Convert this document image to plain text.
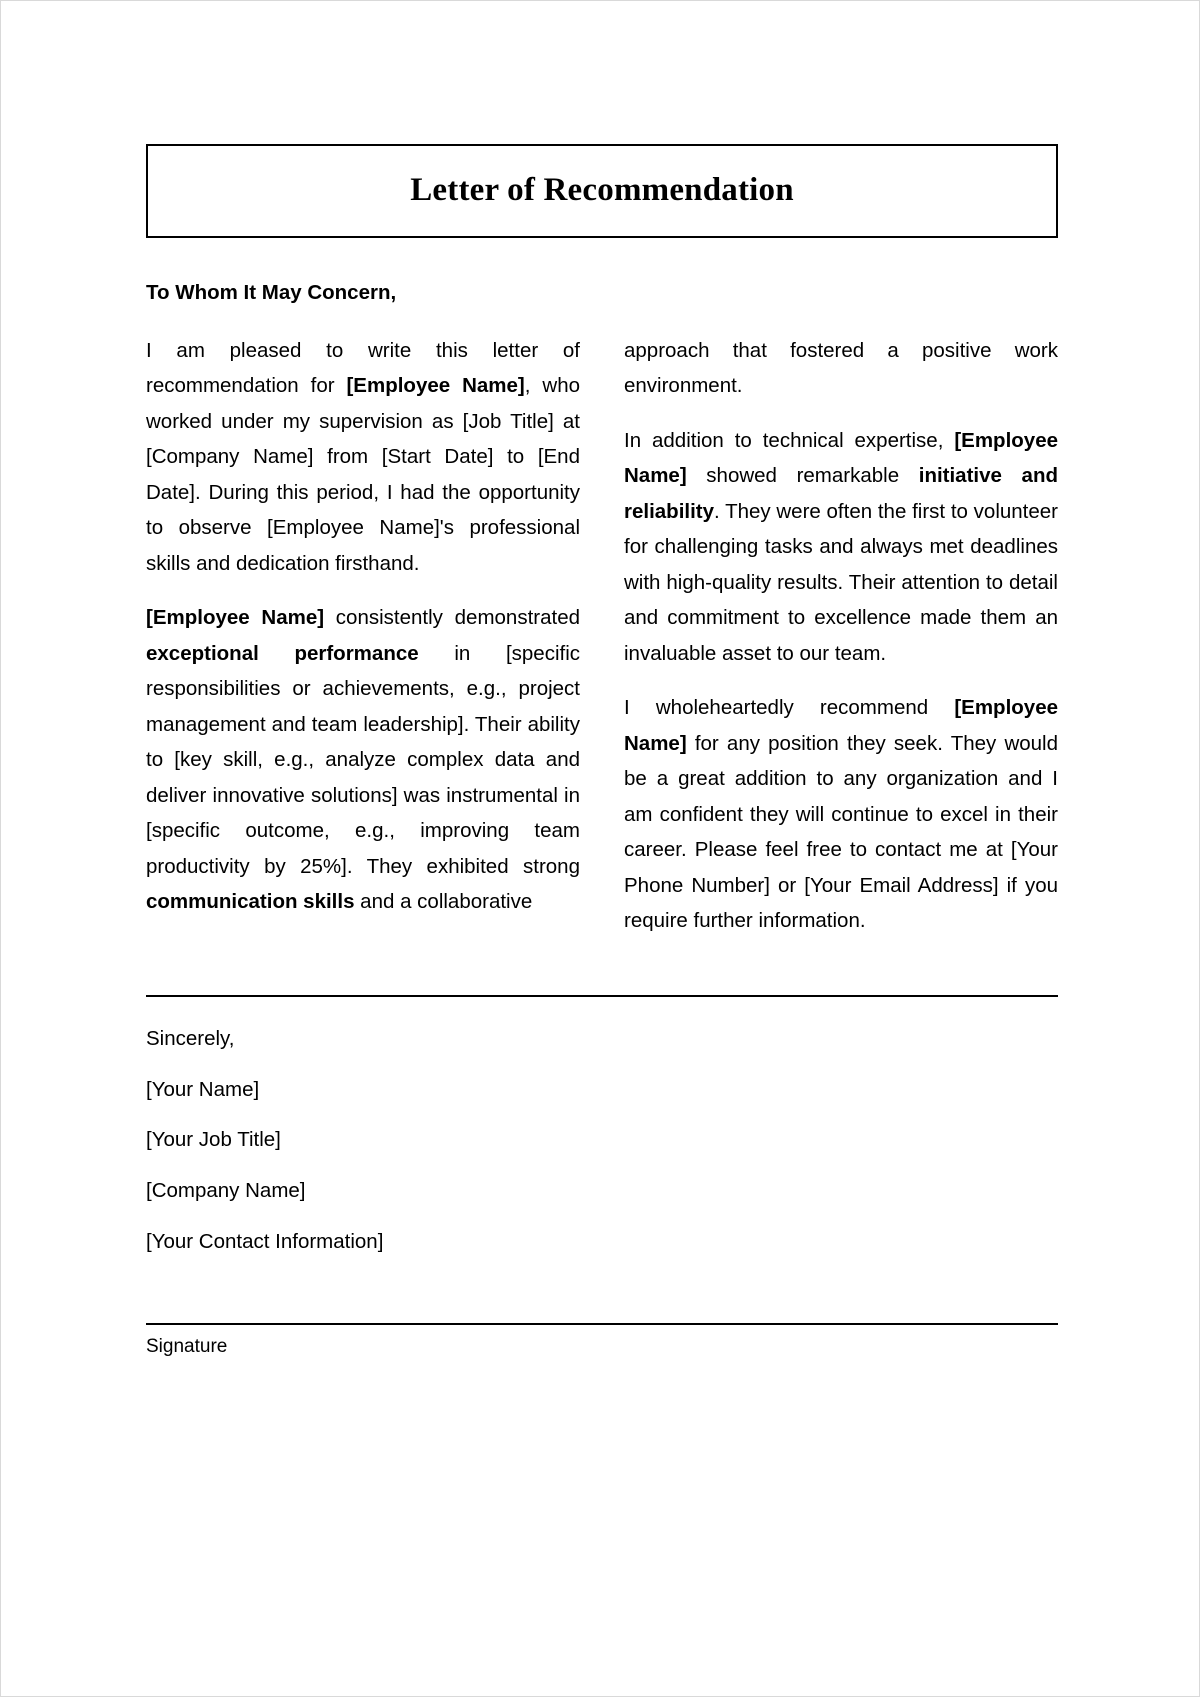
Letter of Recommendation
To Whom It May Concern,

I am pleased to write this letter of recommendation for [Employee Name], who worked under my supervision as [Job Title] at [Company Name] from [Start Date] to [End Date]. During this period, I had the opportunity to observe [Employee Name]'s professional skills and dedication firsthand.

[Employee Name] consistently demonstrated exceptional performance in [specific responsibilities or achievements, e.g., project management and team leadership]. Their ability to [key skill, e.g., analyze complex data and deliver innovative solutions] was instrumental in [specific outcome, e.g., improving team productivity by 25%]. They exhibited strong communication skills and a collaborative

approach that fostered a positive work environment.

In addition to technical expertise, [Employee Name] showed remarkable initiative and reliability. They were often the first to volunteer for challenging tasks and always met deadlines with high-quality results. Their attention to detail and commitment to excellence made them an invaluable asset to our team.

I wholeheartedly recommend [Employee Name] for any position they seek. They would be a great addition to any organization and I am confident they will continue to excel in their career. Please feel free to contact me at [Your Phone Number] or [Your Email Address] if you require further information.

Sincerely,
[Your Name]
[Your Job Title]
[Company Name]
[Your Contact Information]
Signature
